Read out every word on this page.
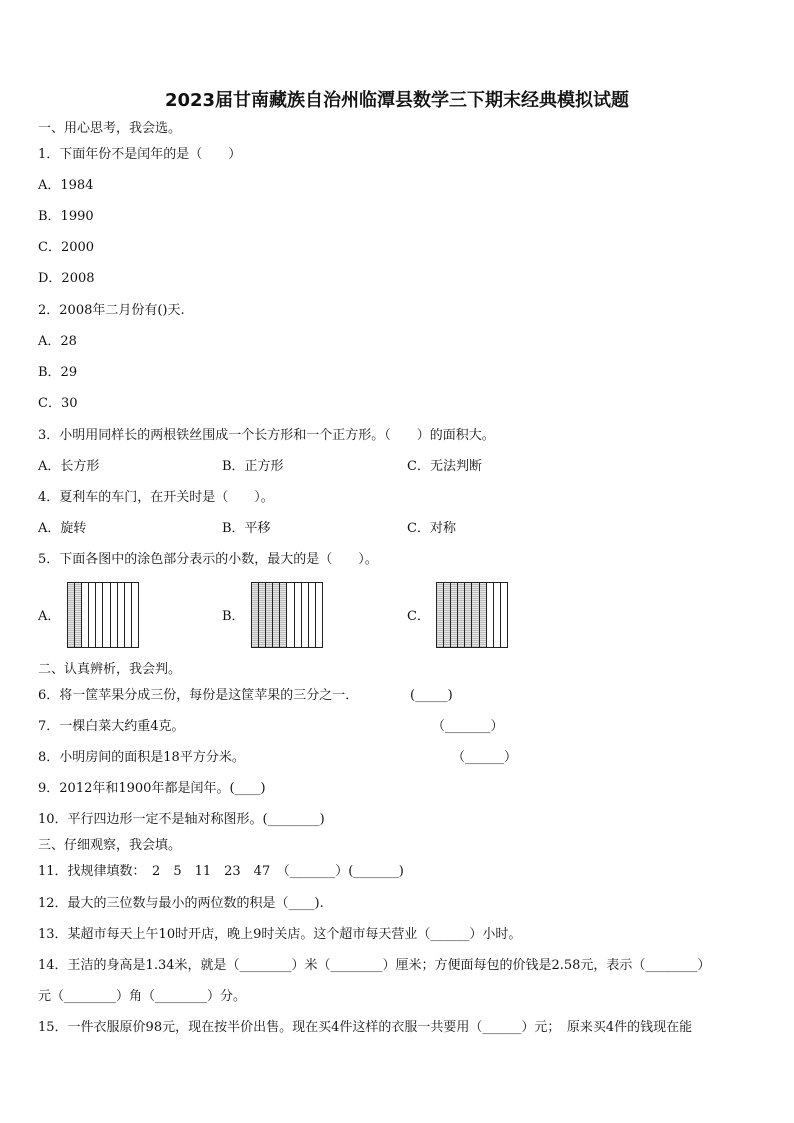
2023届甘南藏族自治州临潭县数学三下期末经典模拟试题
一、用心思考，我会选。
1．下面年份不是闰年的是（　　）
A．1984
B．1990
C．2000
D．2008
2．2008年二月份有()天.
A．28
B．29
C．30
3．小明用同样长的两根铁丝围成一个长方形和一个正方形。（　　）的面积大。
A．长方形	B．正方形	C．无法判断
4．夏利车的车门，在开关时是（　　）。
A．旋转	B．平移	C．对称
5．下面各图中的涂色部分表示的小数，最大的是（　　）。
A．	B．	C．
二、认真辨析，我会判。
6．将一筐苹果分成三份，每份是这筐苹果的三分之一．	(_____)
7．一棵白菜大约重4克。	（_______）
8．小明房间的面积是18平方分米。	（______）
9．2012年和1900年都是闰年。(____)
10．平行四边形一定不是轴对称图形。(________)
三、仔细观察，我会填。
11．找规律填数：　2　5　11　23　47　（_______）(_______)
12．最大的三位数与最小的两位数的积是（____).
13．某超市每天上午10时开店，晚上9时关店。这个超市每天营业（______）小时。
14．王洁的身高是1.34米，就是（________）米（________）厘米；方便面每包的价钱是2.58元，表示（________）
元（________）角（________）分。
15．一件衣服原价98元，现在按半价出售。现在买4件这样的衣服一共要用（______）元；　原来买4件的钱现在能
